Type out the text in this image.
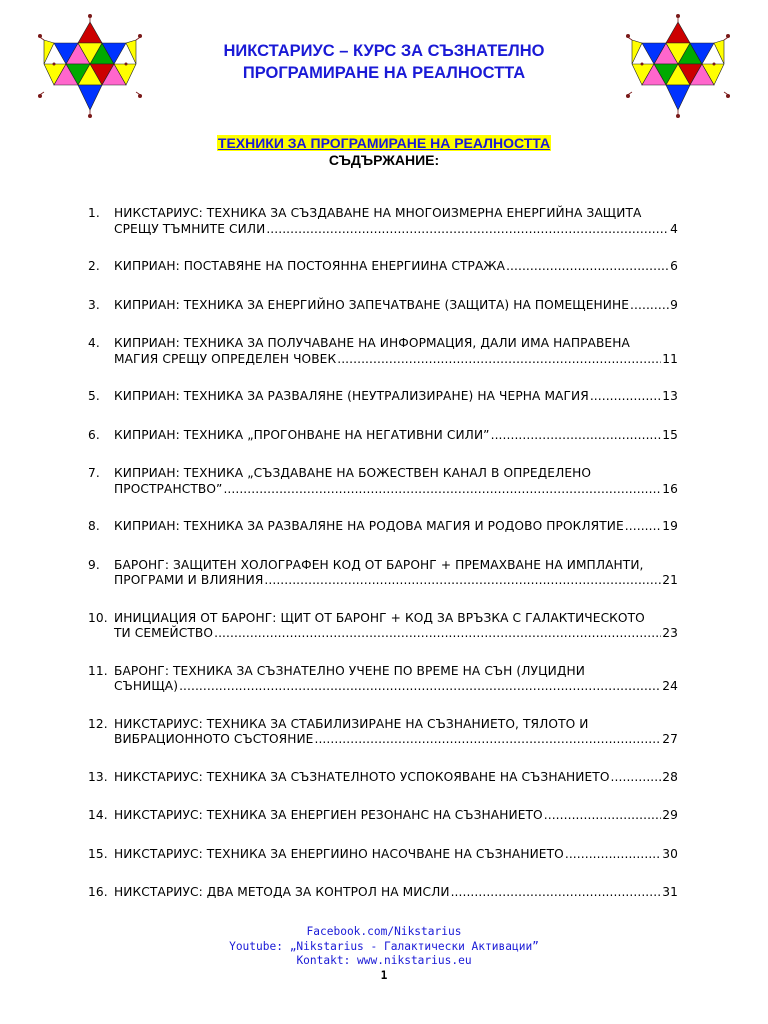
НИКСТАРИУС – КУРС ЗА СЪЗНАТЕЛНО
ПРОГРАМИРАНЕ НА РЕАЛНОСТТА
ТЕХНИКИ ЗА ПРОГРАМИРАНЕ НА РЕАЛНОСТТА
СЪДЪРЖАНИЕ:
1. НИКСТАРИУС: ТЕХНИКА ЗА СЪЗДАВАНЕ НА МНОГОИЗМЕРНА ЕНЕРГИЙНА ЗАЩИТА
СРЕЩУ ТЪМНИТЕ СИЛИ .....	4
2. КИПРИАН: ПОСТАВЯНЕ НА ПОСТОЯННА ЕНЕРГИИНА СТРАЖА .....	6
3. КИПРИАН: ТЕХНИКА ЗА ЕНЕРГИЙНО ЗАПЕЧАТВАНЕ (ЗАЩИТА) НА ПОМЕЩЕНИНЕ .....	9
4. КИПРИАН: ТЕХНИКА ЗА ПОЛУЧАВАНЕ НА ИНФОРМАЦИЯ, ДАЛИ ИМА НАПРАВЕНА
МАГИЯ СРЕЩУ ОПРЕДЕЛЕН ЧОВЕК .....	11
5. КИПРИАН: ТЕХНИКА ЗА РАЗВАЛЯНЕ (НЕУТРАЛИЗИРАНЕ) НА ЧЕРНА МАГИЯ .....	13
6. КИПРИАН: ТЕХНИКА „ПРОГОНВАНЕ НА НЕГАТИВНИ СИЛИ” .....	15
7. КИПРИАН: ТЕХНИКА „СЪЗДАВАНЕ НА БОЖЕСТВЕН КАНАЛ В ОПРЕДЕЛЕНО
ПРОСТРАНСТВО” .....	16
8. КИПРИАН: ТЕХНИКА ЗА РАЗВАЛЯНЕ НА РОДОВА МАГИЯ И РОДОВО ПРОКЛЯТИЕ .....	19
9. БАРОНГ: ЗАЩИТЕН ХОЛОГРАФЕН КОД ОТ БАРОНГ + ПРЕМАХВАНЕ НА ИМПЛАНТИ,
ПРОГРАМИ И ВЛИЯНИЯ .....	21
10. ИНИЦИАЦИЯ ОТ БАРОНГ: ЩИТ ОТ БАРОНГ + КОД ЗА ВРЪЗКА С ГАЛАКТИЧЕСКОТО
ТИ СЕМЕЙСТВО .....	23
11. БАРОНГ: ТЕХНИКА ЗА СЪЗНАТЕЛНО УЧЕНЕ ПО ВРЕМЕ НА СЪН (ЛУЦИДНИ
СЪНИЩА) .....	24
12. НИКСТАРИУС: ТЕХНИКА ЗА СТАБИЛИЗИРАНЕ НА СЪЗНАНИЕТО, ТЯЛОТО И
ВИБРАЦИОННОТО СЪСТОЯНИЕ .....	27
13. НИКСТАРИУС: ТЕХНИКА ЗА СЪЗНАТЕЛНОТО УСПОКОЯВАНЕ НА СЪЗНАНИЕТО .....	28
14. НИКСТАРИУС: ТЕХНИКА ЗА ЕНЕРГИЕН РЕЗОНАНС НА СЪЗНАНИЕТО .....	29
15. НИКСТАРИУС: ТЕХНИКА ЗА ЕНЕРГИИНО НАСОЧВАНЕ НА СЪЗНАНИЕТО .....	30
16. НИКСТАРИУС: ДВА МЕТОДА ЗА КОНТРОЛ НА МИСЛИ .....	31
Facebook.com/Nikstarius
Youtube: „Nikstarius - Галактически Активации”
Kontakt: www.nikstarius.eu
1
